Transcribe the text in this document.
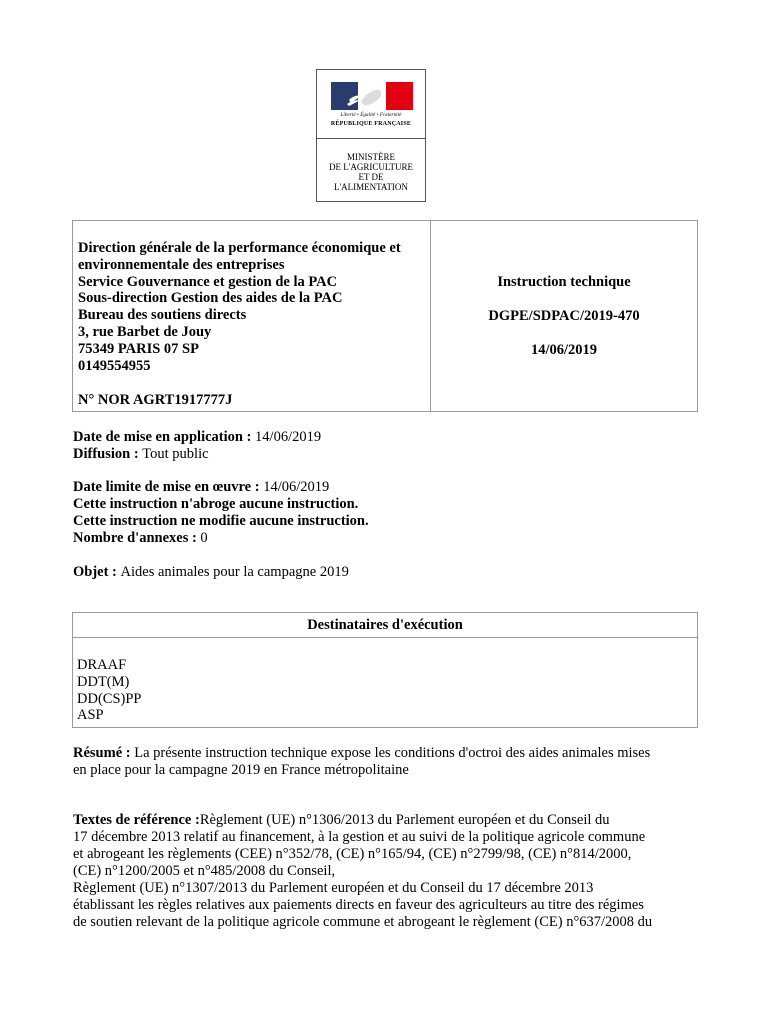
Liberté • Égalité • Fraternité
RÉPUBLIQUE FRANÇAISE
MINISTÈRE
DE L'AGRICULTURE
ET DE
L'ALIMENTATION
Direction générale de la performance économique et
environnementale des entreprises
Service Gouvernance et gestion de la PAC
Sous-direction Gestion des aides de la PAC
Bureau des soutiens directs
3, rue Barbet de Jouy
75349 PARIS 07 SP
0149554955
N° NOR AGRT1917777J
Instruction technique
DGPE/SDPAC/2019-470
14/06/2019
Date de mise en application : 14/06/2019
Diffusion : Tout public
Date limite de mise en œuvre : 14/06/2019
Cette instruction n'abroge aucune instruction.
Cette instruction ne modifie aucune instruction.
Nombre d'annexes : 0
Objet : Aides animales pour la campagne 2019
Destinataires d'exécution
DRAAF
DDT(M)
DD(CS)PP
ASP
Résumé : La présente instruction technique expose les conditions d'octroi des aides animales mises
en place pour la campagne 2019 en France métropolitaine
Textes de référence :Règlement (UE) n°1306/2013 du Parlement européen et du Conseil du
17 décembre 2013 relatif au financement, à la gestion et au suivi de la politique agricole commune
et abrogeant les règlements (CEE) n°352/78, (CE) n°165/94, (CE) n°2799/98, (CE) n°814/2000,
(CE) n°1200/2005 et n°485/2008 du Conseil,
Règlement (UE) n°1307/2013 du Parlement européen et du Conseil du 17 décembre 2013
établissant les règles relatives aux paiements directs en faveur des agriculteurs au titre des régimes
de soutien relevant de la politique agricole commune et abrogeant le règlement (CE) n°637/2008 du
